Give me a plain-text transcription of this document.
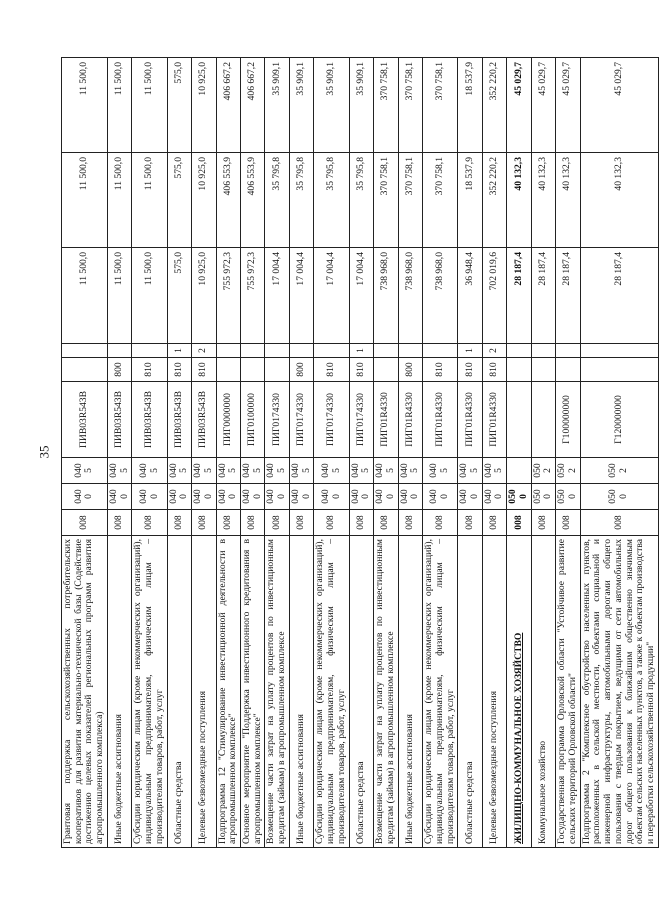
35
Грантовая поддержка сельскохозяйственных потребительских кооперативов для развития материально-технической базы (Содействие достижению целевых показателей региональных программ развития агропромышленного комплекса)	008	0400	0405	ПИВ03R543В			11 500,0	11 500,0	11 500,0
Иные бюджетные ассигнования	008	0400	0405	ПИВ03R543В	800		11 500,0	11 500,0	11 500,0
Субсидии юридическим лицам (кроме некоммерческих организаций), индивидуальным предпринимателям, физическим лицам – производителям товаров, работ, услуг	008	0400	0405	ПИВ03R543В	810		11 500,0	11 500,0	11 500,0
Областные средства	008	0400	0405	ПИВ03R543В	810	1	575,0	575,0	575,0
Целевые безвозмездные поступления	008	0400	0405	ПИВ03R543В	810	2	10 925,0	10 925,0	10 925,0
Подпрограмма 12 "Стимулирование инвестиционной деятельности в агропромышленном комплексе"	008	0400	0405	ПИГ0000000			755 972,3	406 553,9	406 667,2
Основное мероприятие "Поддержка инвестиционного кредитования в агропромышленном комплексе"	008	0400	0405	ПИГ0100000			755 972,3	406 553,9	406 667,2
Возмещение части затрат на уплату процентов по инвестиционным кредитам (займам) в агропромышленном комплексе	008	0400	0405	ПИГ0174330			17 004,4	35 795,8	35 909,1
Иные бюджетные ассигнования	008	0400	0405	ПИГ0174330	800		17 004,4	35 795,8	35 909,1
Субсидии юридическим лицам (кроме некоммерческих организаций), индивидуальным предпринимателям, физическим лицам – производителям товаров, работ, услуг	008	0400	0405	ПИГ0174330	810		17 004,4	35 795,8	35 909,1
Областные средства	008	0400	0405	ПИГ0174330	810	1	17 004,4	35 795,8	35 909,1
Возмещение части затрат на уплату процентов по инвестиционным кредитам (займам) в агропромышленном комплексе	008	0400	0405	ПИГ01R4330			738 968,0	370 758,1	370 758,1
Иные бюджетные ассигнования	008	0400	0405	ПИГ01R4330	800		738 968,0	370 758,1	370 758,1
Субсидии юридическим лицам (кроме некоммерческих организаций), индивидуальным предпринимателям, физическим лицам – производителям товаров, работ, услуг	008	0400	0405	ПИГ01R4330	810		738 968,0	370 758,1	370 758,1
Областные средства	008	0400	0405	ПИГ01R4330	810	1	36 948,4	18 537,9	18 537,9
Целевые безвозмездные поступления	008	0400	0405	ПИГ01R4330	810	2	702 019,6	352 220,2	352 220,2
ЖИЛИЩНО-КОММУНАЛЬНОЕ ХОЗЯЙСТВО	008	0500					28 187,4	40 132,3	45 029,7
Коммунальное хозяйство	008	0500	0502				28 187,4	40 132,3	45 029,7
Государственная программа Орловской области "Устойчивое развитие сельских территорий Орловской области"	008	0500	0502	Г100000000			28 187,4	40 132,3	45 029,7
Подпрограмма 2 "Комплексное обустройство населенных пунктов, расположенных в сельской местности, объектами социальной и инженерной инфраструктуры, автомобильными дорогами общего пользования с твердым покрытием, ведущими от сети автомобильных дорог общего пользования к ближайшим общественно значимым объектам сельских населенных пунктов, а также к объектам производства и переработки сельскохозяйственной продукции"	008	0500	0502	Г120000000			28 187,4	40 132,3	45 029,7
